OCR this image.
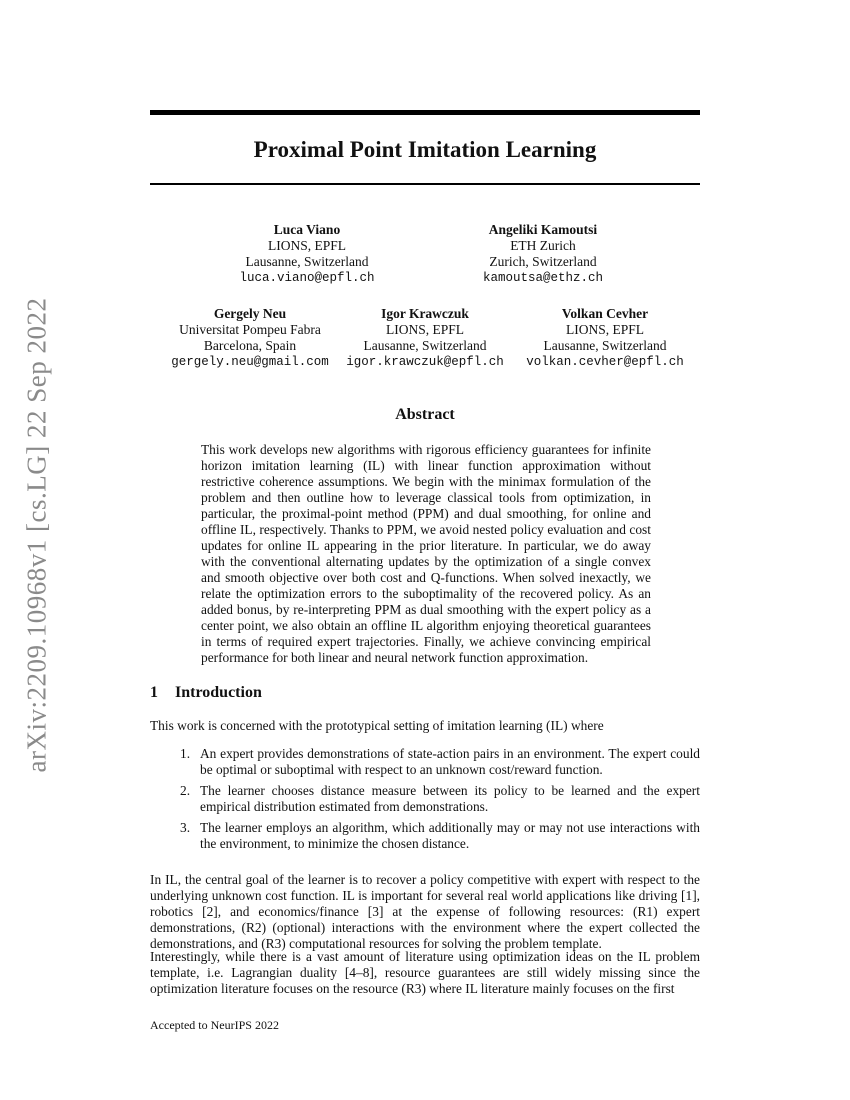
arXiv:2209.10968v1 [cs.LG] 22 Sep 2022
Proximal Point Imitation Learning
Luca Viano
LIONS, EPFL
Lausanne, Switzerland
luca.viano@epfl.ch
Angeliki Kamoutsi
ETH Zurich
Zurich, Switzerland
kamoutsa@ethz.ch
Gergely Neu
Universitat Pompeu Fabra
Barcelona, Spain
gergely.neu@gmail.com
Igor Krawczuk
LIONS, EPFL
Lausanne, Switzerland
igor.krawczuk@epfl.ch
Volkan Cevher
LIONS, EPFL
Lausanne, Switzerland
volkan.cevher@epfl.ch
Abstract

This work develops new algorithms with rigorous efficiency guarantees for infinite horizon imitation learning (IL) with linear function approximation without restrictive coherence assumptions. We begin with the minimax formulation of the problem and then outline how to leverage classical tools from optimization, in particular, the proximal-point method (PPM) and dual smoothing, for online and offline IL, respectively. Thanks to PPM, we avoid nested policy evaluation and cost updates for online IL appearing in the prior literature. In particular, we do away with the conventional alternating updates by the optimization of a single convex and smooth objective over both cost and Q-functions. When solved inexactly, we relate the optimization errors to the suboptimality of the recovered policy. As an added bonus, by re-interpreting PPM as dual smoothing with the expert policy as a center point, we also obtain an offline IL algorithm enjoying theoretical guarantees in terms of required expert trajectories. Finally, we achieve convincing empirical performance for both linear and neural network function approximation.

1 Introduction

This work is concerned with the prototypical setting of imitation learning (IL) where

1. An expert provides demonstrations of state-action pairs in an environment. The expert could be optimal or suboptimal with respect to an unknown cost/reward function.
2. The learner chooses distance measure between its policy to be learned and the expert empirical distribution estimated from demonstrations.
3. The learner employs an algorithm, which additionally may or may not use interactions with the environment, to minimize the chosen distance.

In IL, the central goal of the learner is to recover a policy competitive with expert with respect to the underlying unknown cost function. IL is important for several real world applications like driving [1], robotics [2], and economics/finance [3] at the expense of following resources: (R1) expert demonstrations, (R2) (optional) interactions with the environment where the expert collected the demonstrations, and (R3) computational resources for solving the problem template.

Interestingly, while there is a vast amount of literature using optimization ideas on the IL problem template, i.e. Lagrangian duality [4–8], resource guarantees are still widely missing since the optimization literature focuses on the resource (R3) where IL literature mainly focuses on the first

Accepted to NeurIPS 2022
